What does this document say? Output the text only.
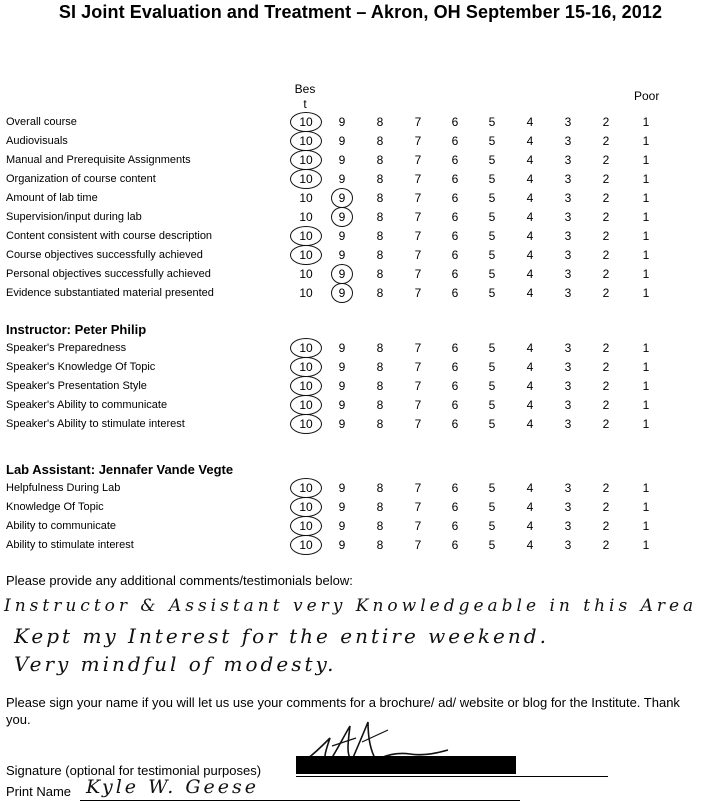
SI Joint Evaluation and Treatment – Akron, OH September 15-16, 2012
Bes t
Poor
Overall course	10	9	8	7	6	5	4	3	2	1
Audiovisuals	10	9	8	7	6	5	4	3	2	1
Manual and Prerequisite Assignments	10	9	8	7	6	5	4	3	2	1
Organization of course content	10	9	8	7	6	5	4	3	2	1
Amount of lab time	10	9	8	7	6	5	4	3	2	1
Supervision/input during lab	10	9	8	7	6	5	4	3	2	1
Content consistent with course description	10	9	8	7	6	5	4	3	2	1
Course objectives successfully achieved	10	9	8	7	6	5	4	3	2	1
Personal objectives successfully achieved	10	9	8	7	6	5	4	3	2	1
Evidence substantiated material presented	10	9	8	7	6	5	4	3	2	1
Instructor: Peter Philip
Speaker's Preparedness	10	9	8	7	6	5	4	3	2	1
Speaker's Knowledge Of Topic	10	9	8	7	6	5	4	3	2	1
Speaker's Presentation Style	10	9	8	7	6	5	4	3	2	1
Speaker's Ability to communicate	10	9	8	7	6	5	4	3	2	1
Speaker's Ability to stimulate interest	10	9	8	7	6	5	4	3	2	1
Lab Assistant: Jennafer Vande Vegte
Helpfulness During Lab	10	9	8	7	6	5	4	3	2	1
Knowledge Of Topic	10	9	8	7	6	5	4	3	2	1
Ability to communicate	10	9	8	7	6	5	4	3	2	1
Ability to stimulate interest	10	9	8	7	6	5	4	3	2	1
Please provide any additional comments/testimonials below:
Instructor & Assistant very Knowledgeable in this Area
Kept my Interest for the entire weekend.
Very mindful of modesty.
Please sign your name if you will let us use your comments for a brochure/ ad/ website or blog for the Institute. Thank you.
Signature (optional for testimonial purposes)
Print Name Kyle W. Geese
